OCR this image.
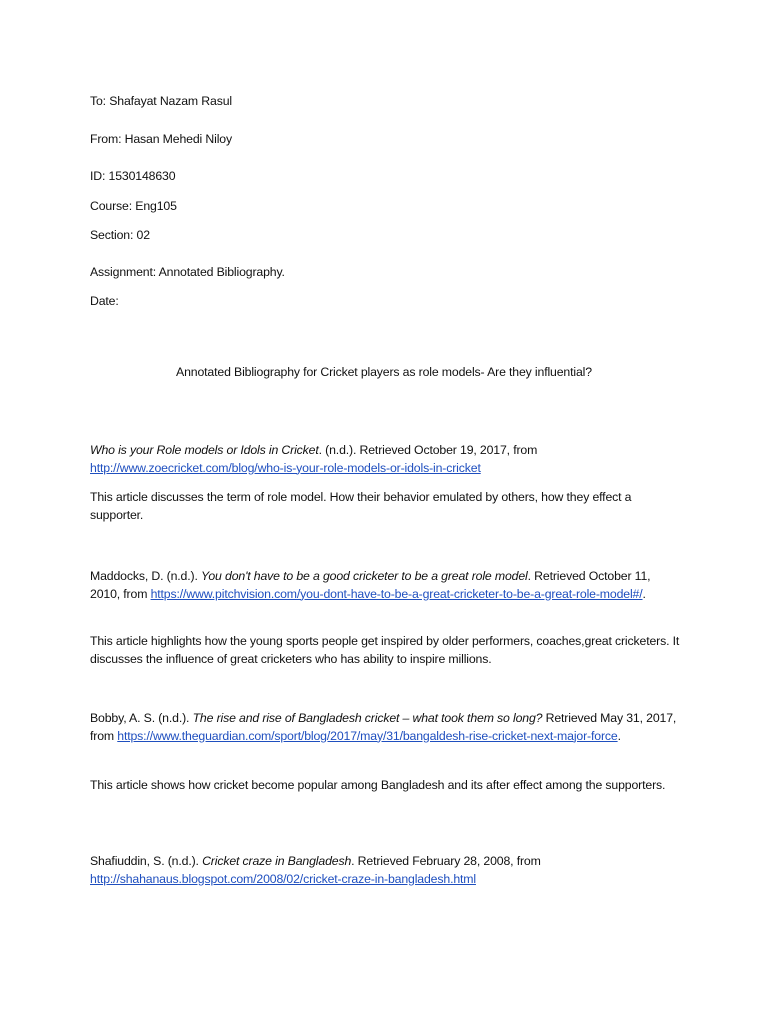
To: Shafayat Nazam Rasul

From: Hasan Mehedi Niloy

ID: 1530148630

Course: Eng105

Section: 02

Assignment: Annotated Bibliography.

Date:

Annotated Bibliography for Cricket players as role models- Are they influential?

Who is your Role models or Idols in Cricket. (n.d.). Retrieved October 19, 2017, from
http://www.zoecricket.com/blog/who-is-your-role-models-or-idols-in-cricket

This article discusses the term of role model. How their behavior emulated by others, how they effect a supporter.

Maddocks, D. (n.d.). You don't have to be a good cricketer to be a great role model. Retrieved October 11, 2010, from https://www.pitchvision.com/you-dont-have-to-be-a-great-cricketer-to-be-a-great-role-model#/.

This article highlights how the young sports people get inspired by older performers, coaches,great cricketers. It discusses the influence of great cricketers who has ability to inspire millions.

Bobby, A. S. (n.d.). The rise and rise of Bangladesh cricket – what took them so long? Retrieved May 31, 2017, from https://www.theguardian.com/sport/blog/2017/may/31/bangaldesh-rise-cricket-next-major-force.

This article shows how cricket become popular among Bangladesh and its after effect among the supporters.

Shafiuddin, S. (n.d.). Cricket craze in Bangladesh. Retrieved February 28, 2008, from
http://shahanaus.blogspot.com/2008/02/cricket-craze-in-bangladesh.html
